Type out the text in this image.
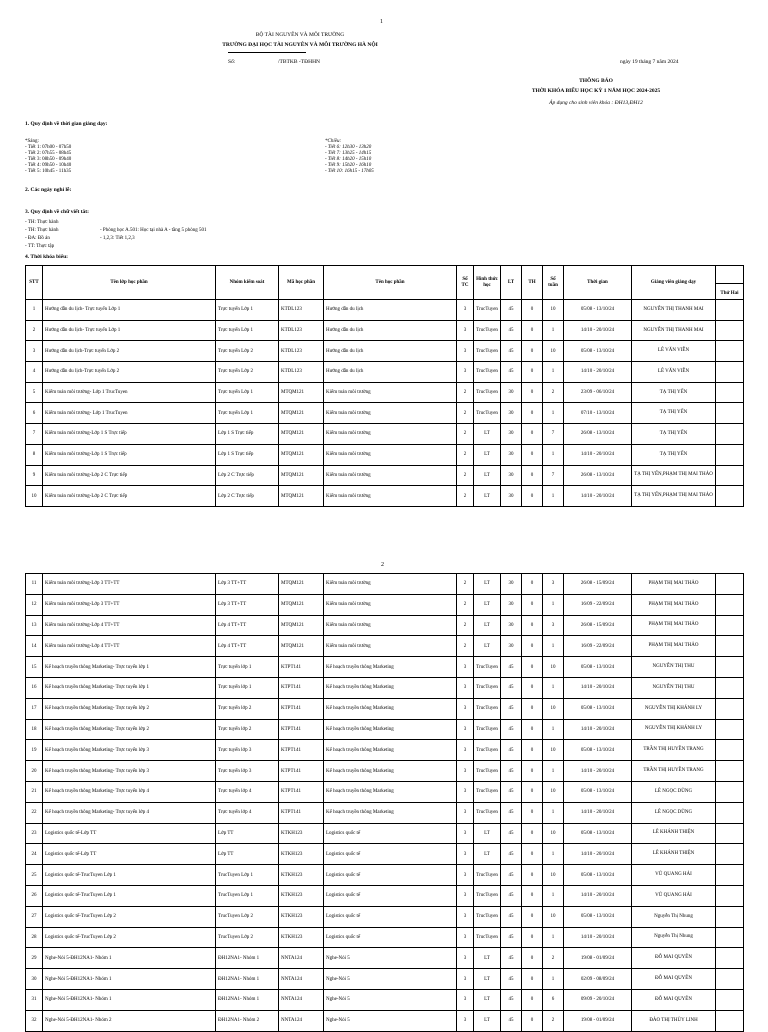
1
BỘ TÀI NGUYÊN VÀ MÔI TRƯỜNG
TRƯỜNG ĐẠI HỌC TÀI NGUYÊN VÀ MÔI TRƯỜNG HÀ NỘI
Số:	/TBTKB -TĐHHN	ngày 19 tháng 7 năm 2024
THÔNG BÁO
THỜI KHÓA BIỂU HỌC KỲ 1 NĂM HỌC 2024-2025
Áp dụng cho sinh viên khóa : ĐH13,ĐH12
1. Quy định về thời gian giảng dạy:
*Sáng:
- Tiết 1: 07h00 - 07h50
- Tiết 2: 07h55 - 08h45
- Tiết 3: 08h50 - 09h40
- Tiết 4: 09h50 - 10h40
- Tiết 5: 10h45 - 11h35
*Chiều:
- Tiết 6: 12h30 - 13h20
- Tiết 7: 13h25 - 14h15
- Tiết 8: 14h20 - 15h10
- Tiết 9: 15h20 - 16h10
- Tiết 10: 16h15 - 17h05
2. Các ngày nghỉ lễ:
3. Quy định về chữ viết tắt:
- TH: Thực hành
- TH: Thực hành
- ĐA: Đồ án
- TT: Thực tập
- Phòng học A.501: Học tại nhà A - tầng 5 phòng 501
- 1,2,3: Tiết 1,2,3
4. Thời khóa biểu:
STT	Tên lớp học phần	Nhóm kiểm soát	Mã học phần	Tên học phần	Số TC	Hình thức học	LT	TH	Số tuần	Thời gian	Giảng viên giảng dạy	Thứ Hai

1	Hướng dẫn du lịch- Trực tuyến Lớp 1	Trực tuyến Lớp 1	KTDL123	Hướng dẫn du lịch	3	TrucTuyen	45	0	10	05/08 - 13/10/24	NGUYỄN THỊ THANH MAI	
2	Hướng dẫn du lịch- Trực tuyến Lớp 1	Trực tuyến Lớp 1	KTDL123	Hướng dẫn du lịch	3	TrucTuyen	45	0	1	14/10 - 20/10/24	NGUYỄN THỊ THANH MAI	
3	Hướng dẫn du lịch-Trực tuyến Lớp 2	Trực tuyến Lớp 2	KTDL123	Hướng dẫn du lịch	3	TrucTuyen	45	0	10	05/08 - 13/10/24	LÊ VĂN VIỄN	
4	Hướng dẫn du lịch-Trực tuyến Lớp 2	Trực tuyến Lớp 2	KTDL123	Hướng dẫn du lịch	3	TrucTuyen	45	0	1	14/10 - 20/10/24	LÊ VĂN VIỄN	
5	Kiểm toán môi trường- Lớp 1 TrucTuyen	Trực tuyến Lớp 1	MTQM121	Kiểm toán môi trường	2	TrucTuyen	30	0	2	23/09 - 06/10/24	TẠ THỊ YẾN	
6	Kiểm toán môi trường- Lớp 1 TrucTuyen	Trực tuyến Lớp 1	MTQM121	Kiểm toán môi trường	2	TrucTuyen	30	0	1	07/10 - 13/10/24	TẠ THỊ YẾN	
7	Kiểm toán môi trường-Lớp 1 S Trực tiếp	Lớp 1 S Trực tiếp	MTQM121	Kiểm toán môi trường	2	LT	30	0	7	26/08 - 13/10/24	TẠ THỊ YẾN	
8	Kiểm toán môi trường-Lớp 1 S Trực tiếp	Lớp 1 S Trực tiếp	MTQM121	Kiểm toán môi trường	2	LT	30	0	1	14/10 - 20/10/24	TẠ THỊ YẾN	
9	Kiểm toán môi trường-Lớp 2 C Trực tiếp	Lớp 2 C Trực tiếp	MTQM121	Kiểm toán môi trường	2	LT	30	0	7	26/08 - 13/10/24	TẠ THỊ YẾN,PHẠM THỊ MAI THẢO	
10	Kiểm toán môi trường-Lớp 2 C Trực tiếp	Lớp 2 C Trực tiếp	MTQM121	Kiểm toán môi trường	2	LT	30	0	1	14/10 - 20/10/24	TẠ THỊ YẾN,PHẠM THỊ MAI THẢO	
2
11	Kiểm toán môi trường-Lớp 3 TT+TT	Lớp 3 TT+TT	MTQM121	Kiểm toán môi trường	2	LT	30	0	3	26/08 - 15/09/24	PHẠM THỊ MAI THẢO	
12	Kiểm toán môi trường-Lớp 3 TT+TT	Lớp 3 TT+TT	MTQM121	Kiểm toán môi trường	2	LT	30	0	1	16/09 - 22/09/24	PHẠM THỊ MAI THẢO	
13	Kiểm toán môi trường-Lớp 4 TT+TT	Lớp 4 TT+TT	MTQM121	Kiểm toán môi trường	2	LT	30	0	3	26/08 - 15/09/24	PHẠM THỊ MAI THẢO	
14	Kiểm toán môi trường-Lớp 4 TT+TT	Lớp 4 TT+TT	MTQM121	Kiểm toán môi trường	2	LT	30	0	1	16/09 - 22/09/24	PHẠM THỊ MAI THẢO	
15	Kế hoạch truyền thông Marketing- Trực tuyến lớp 1	Trực tuyến lớp 1	KTPT141	Kế hoạch truyền thông Marketing	3	TrucTuyen	45	0	10	05/08 - 13/10/24	NGUYỄN THỊ THU	
16	Kế hoạch truyền thông Marketing- Trực tuyến lớp 1	Trực tuyến lớp 1	KTPT141	Kế hoạch truyền thông Marketing	3	TrucTuyen	45	0	1	14/10 - 20/10/24	NGUYỄN THỊ THU	
17	Kế hoạch truyền thông Marketing- Trực tuyến lớp 2	Trực tuyến lớp 2	KTPT141	Kế hoạch truyền thông Marketing	3	TrucTuyen	45	0	10	05/08 - 13/10/24	NGUYỄN THỊ KHÁNH LY	
18	Kế hoạch truyền thông Marketing- Trực tuyến lớp 2	Trực tuyến lớp 2	KTPT141	Kế hoạch truyền thông Marketing	3	TrucTuyen	45	0	1	14/10 - 20/10/24	NGUYỄN THỊ KHÁNH LY	
19	Kế hoạch truyền thông Marketing- Trực tuyến lớp 3	Trực tuyến lớp 3	KTPT141	Kế hoạch truyền thông Marketing	3	TrucTuyen	45	0	10	05/08 - 13/10/24	TRẦN THỊ HUYỀN TRANG	
20	Kế hoạch truyền thông Marketing- Trực tuyến lớp 3	Trực tuyến lớp 3	KTPT141	Kế hoạch truyền thông Marketing	3	TrucTuyen	45	0	1	14/10 - 20/10/24	TRẦN THỊ HUYỀN TRANG	
21	Kế hoạch truyền thông Marketing- Trực tuyến lớp 4	Trực tuyến lớp 4	KTPT141	Kế hoạch truyền thông Marketing	3	TrucTuyen	45	0	10	05/08 - 13/10/24	LÊ NGỌC DŨNG	
22	Kế hoạch truyền thông Marketing- Trực tuyến lớp 4	Trực tuyến lớp 4	KTPT141	Kế hoạch truyền thông Marketing	3	TrucTuyen	45	0	1	14/10 - 20/10/24	LÊ NGỌC DŨNG	
23	Logistics quốc tế-Lớp TT	Lớp TT	KTKH123	Logistics quốc tế	3	LT	45	0	10	05/08 - 13/10/24	LÊ KHÁNH THIỆN	
24	Logistics quốc tế-Lớp TT	Lớp TT	KTKH123	Logistics quốc tế	3	LT	45	0	1	14/10 - 20/10/24	LÊ KHÁNH THIỆN	
25	Logistics quốc tế-TrucTuyen Lớp 1	TrucTuyen Lớp 1	KTKH123	Logistics quốc tế	3	TrucTuyen	45	0	10	05/08 - 13/10/24	VŨ QUANG HẢI	
26	Logistics quốc tế-TrucTuyen Lớp 1	TrucTuyen Lớp 1	KTKH123	Logistics quốc tế	3	TrucTuyen	45	0	1	14/10 - 20/10/24	VŨ QUANG HẢI	
27	Logistics quốc tế-TrucTuyen Lớp 2	TrucTuyen Lớp 2	KTKH123	Logistics quốc tế	3	TrucTuyen	45	0	10	05/08 - 13/10/24	Nguyễn Thị Nhung	
28	Logistics quốc tế-TrucTuyen Lớp 2	TrucTuyen Lớp 2	KTKH123	Logistics quốc tế	3	TrucTuyen	45	0	1	14/10 - 20/10/24	Nguyễn Thị Nhung	
29	Nghe-Nói 5-ĐH12NA1- Nhóm 1	ĐH12NA1- Nhóm 1	NNTA124	Nghe-Nói 5	3	LT	45	0	2	19/08 - 01/09/24	ĐỖ MAI QUYÊN	
30	Nghe-Nói 5-ĐH12NA1- Nhóm 1	ĐH12NA1- Nhóm 1	NNTA124	Nghe-Nói 5	3	LT	45	0	1	02/09 - 08/09/24	ĐỖ MAI QUYÊN	
31	Nghe-Nói 5-ĐH12NA1- Nhóm 1	ĐH12NA1- Nhóm 1	NNTA124	Nghe-Nói 5	3	LT	45	0	6	09/09 - 20/10/24	ĐỖ MAI QUYÊN	
32	Nghe-Nói 5-ĐH12NA1- Nhóm 2	ĐH12NA1- Nhóm 2	NNTA124	Nghe-Nói 5	3	LT	45	0	2	19/08 - 01/09/24	ĐÀO THỊ THÙY LINH	
